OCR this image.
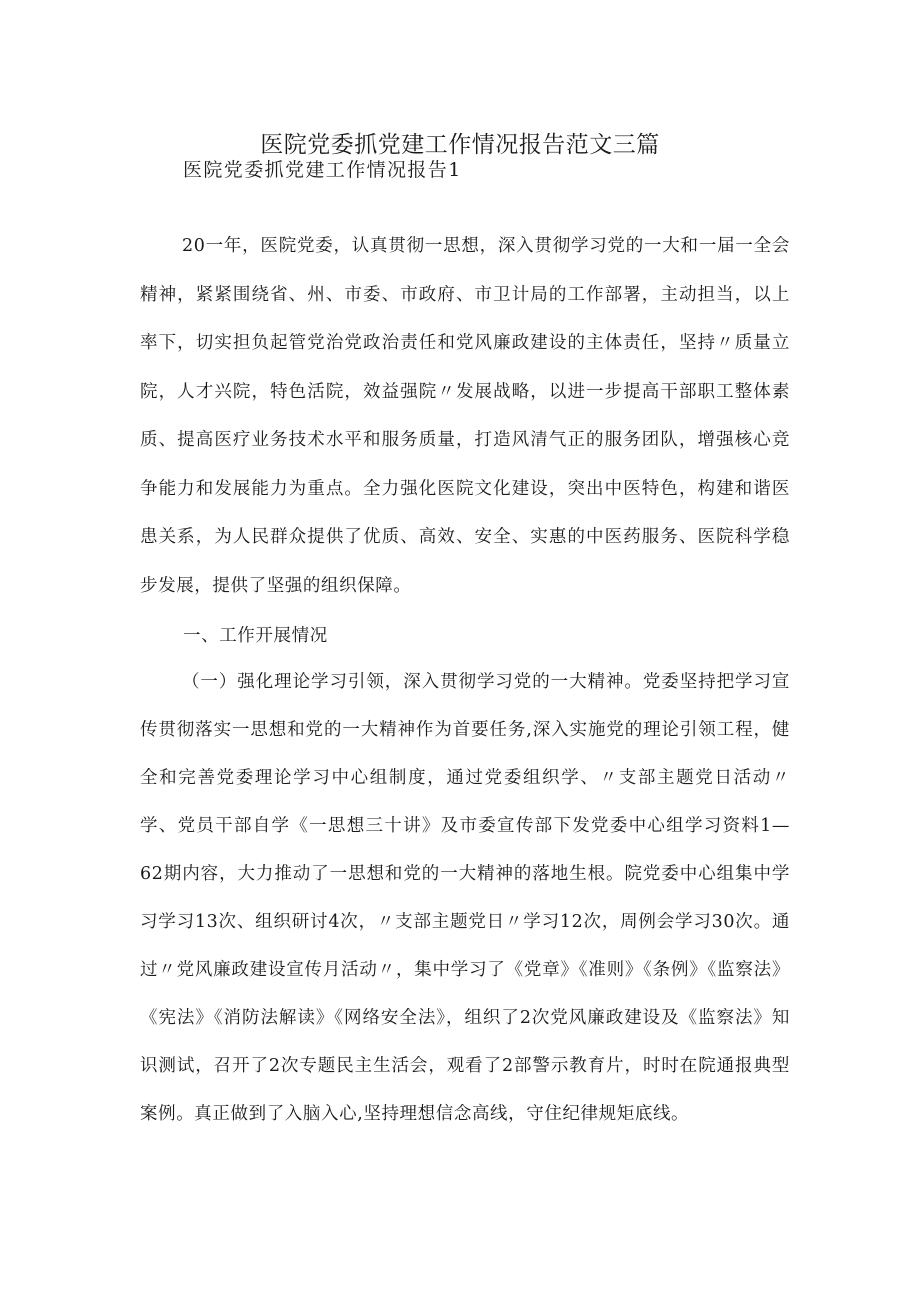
医院党委抓党建工作情况报告范文三篇
医院党委抓党建工作情况报告1

20一年，医院党委，认真贯彻一思想，深入贯彻学习党的一大和一届一全会精神，紧紧围绕省、州、市委、市政府、市卫计局的工作部署，主动担当，以上率下，切实担负起管党治党政治责任和党风廉政建设的主体责任，坚持〃质量立院，人才兴院，特色活院，效益强院〃发展战略，以进一步提高干部职工整体素质、提高医疗业务技术水平和服务质量，打造风清气正的服务团队，增强核心竞争能力和发展能力为重点。全力强化医院文化建设，突出中医特色，构建和谐医患关系，为人民群众提供了优质、高效、安全、实惠的中医药服务、医院科学稳步发展，提供了坚强的组织保障。

一、工作开展情况

（一）强化理论学习引领，深入贯彻学习党的一大精神。党委坚持把学习宣传贯彻落实一思想和党的一大精神作为首要任务,深入实施党的理论引领工程，健全和完善党委理论学习中心组制度，通过党委组织学、〃支部主题党日活动〃学、党员干部自学《一思想三十讲》及市委宣传部下发党委中心组学习资料1—62期内容，大力推动了一思想和党的一大精神的落地生根。院党委中心组集中学习学习13次、组织研讨4次，〃支部主题党日〃学习12次，周例会学习30次。通过〃党风廉政建设宣传月活动〃，集中学习了《党章》《准则》《条例》《监察法》《宪法》《消防法解读》《网络安全法》，组织了2次党风廉政建设及《监察法》知识测试，召开了2次专题民主生活会，观看了2部警示教育片，时时在院通报典型案例。真正做到了入脑入心,坚持理想信念高线，守住纪律规矩底线。
